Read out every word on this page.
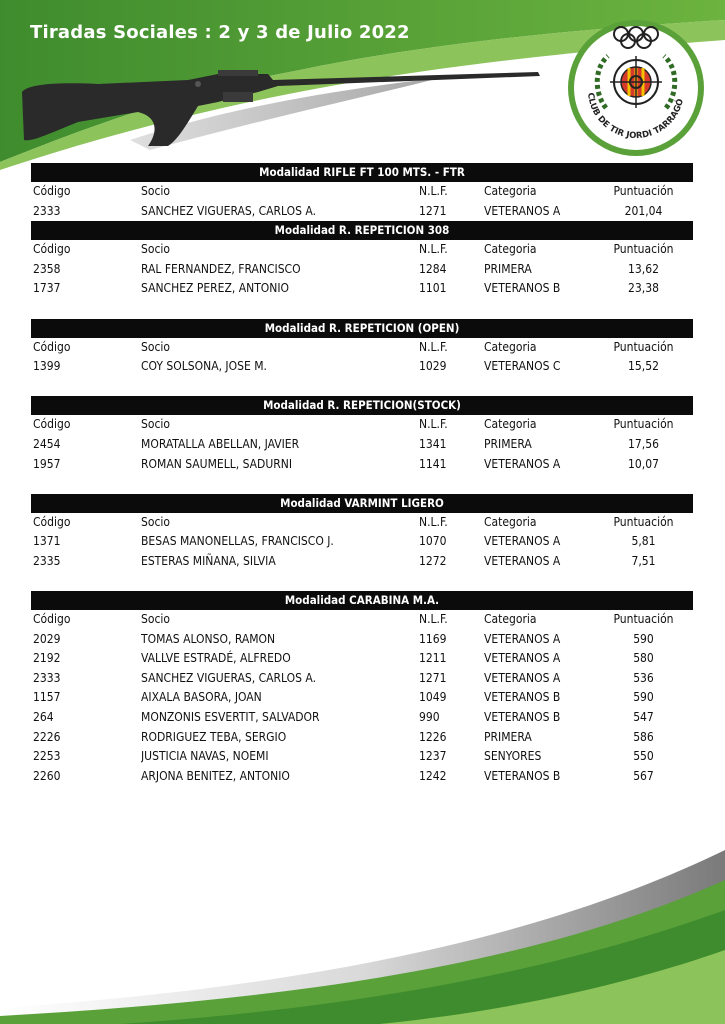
Tiradas Sociales : 2 y 3 de Julio 2022
CLUB DE TIR JORDI TARRAGÓ
Modalidad RIFLE FT 100 MTS. - FTR
Código	Socio	N.L.F.	Categoria	Puntuación
2333	SANCHEZ VIGUERAS, CARLOS A.	1271	VETERANOS A	201,04
Modalidad R. REPETICION 308
Código	Socio	N.L.F.	Categoria	Puntuación
2358	RAL FERNANDEZ, FRANCISCO	1284	PRIMERA	13,62
1737	SANCHEZ PEREZ, ANTONIO	1101	VETERANOS B	23,38
Modalidad R. REPETICION (OPEN)
Código	Socio	N.L.F.	Categoria	Puntuación
1399	COY SOLSONA, JOSE M.	1029	VETERANOS C	15,52
Modalidad R. REPETICION(STOCK)
Código	Socio	N.L.F.	Categoria	Puntuación
2454	MORATALLA ABELLAN, JAVIER	1341	PRIMERA	17,56
1957	ROMAN SAUMELL, SADURNI	1141	VETERANOS A	10,07
Modalidad VARMINT LIGERO
Código	Socio	N.L.F.	Categoria	Puntuación
1371	BESAS MANONELLAS, FRANCISCO J.	1070	VETERANOS A	5,81
2335	ESTERAS MIÑANA, SILVIA	1272	VETERANOS A	7,51
Modalidad CARABINA M.A.
Código	Socio	N.L.F.	Categoria	Puntuación
2029	TOMAS ALONSO, RAMON	1169	VETERANOS A	590
2192	VALLVE ESTRADÉ, ALFREDO	1211	VETERANOS A	580
2333	SANCHEZ VIGUERAS, CARLOS A.	1271	VETERANOS A	536
1157	AIXALA BASORA, JOAN	1049	VETERANOS B	590
264	MONZONIS ESVERTIT, SALVADOR	990	VETERANOS B	547
2226	RODRIGUEZ TEBA, SERGIO	1226	PRIMERA	586
2253	JUSTICIA NAVAS, NOEMI	1237	SENYORES	550
2260	ARJONA BENITEZ, ANTONIO	1242	VETERANOS B	567
